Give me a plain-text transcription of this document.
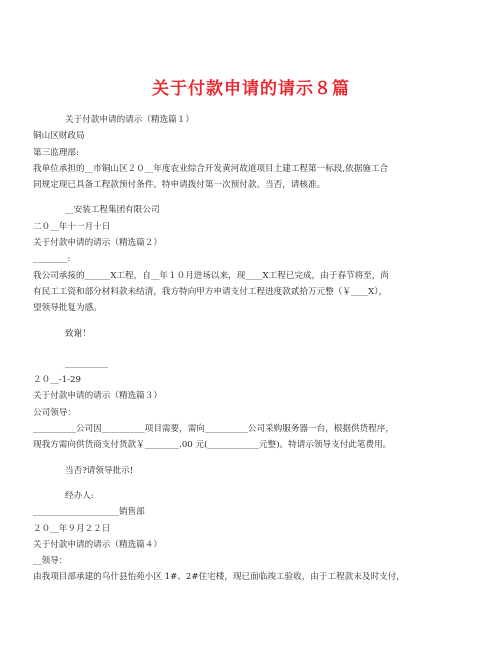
关于付款申请的请示８篇
关于付款申请的请示（精选篇１）
铜山区财政局
第三监理部:
我单位承担的__市铜山区２０__年度农业综合开发黄河故道项目土建工程第一标段,依据施工合
同规定现已具备工程款预付条件。特申请拨付第一次预付款。当否，请核准。
__安装工程集团有限公司
二０__年十一月十日
关于付款申请的请示（精选篇２）
________:
我公司承接的______X工程，自__年１０月进场以来，现____X工程已完成，由于春节将至，尚
有民工工资和部分材料款未结清，我方特向甲方申请支付工程进度款贰拾万元整（￥____X），
望领导批复为感。
致谢！
__________
２０__-1-29
关于付款申请的请示（精选篇３）
公司领导：
__________公司因__________项目需要，需向__________公司采购服务器一台，根据供货程序，
现我方需向供货商支付货款￥________.00 元(____________元整)。特请示领导支付此笔费用。
当否?请领导批示!
经办人:
____________________销售部
２０__年９月２２日
关于付款申请的请示（精选篇４）
__领导：
由我项目部承建的乌什县怡苑小区 1#、2#住宅楼，现已面临竣工验收，由于工程款未及时支付，
